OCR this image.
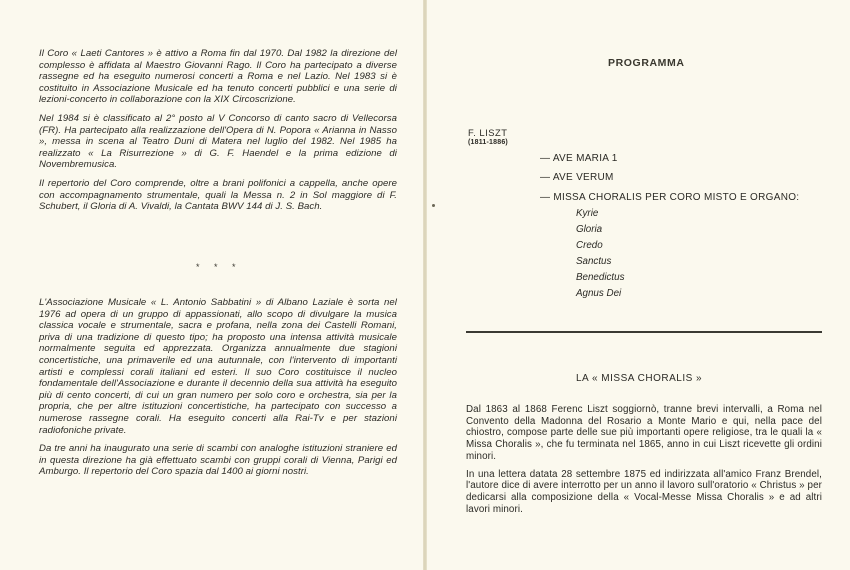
Il Coro « Laeti Cantores » è attivo a Roma fin dal 1970. Dal 1982 la direzione del complesso è affidata al Maestro Giovanni Rago. Il Coro ha partecipato a diverse rassegne ed ha eseguito numerosi concerti a Roma e nel Lazio. Nel 1983 si è costituito in Associazione Musicale ed ha tenuto concerti pubblici e una serie di lezioni-concerto in collaborazione con la XIX Circoscrizione.

Nel 1984 si è classificato al 2° posto al V Concorso di canto sacro di Vellecorsa (FR). Ha partecipato alla realizzazione dell'Opera di N. Popora « Arianna in Nasso », messa in scena al Teatro Duni di Matera nel luglio del 1982. Nel 1985 ha realizzato « La Risurrezione » di G. F. Haendel e la prima edizione di Novembremusica.

Il repertorio del Coro comprende, oltre a brani polifonici a cappella, anche opere con accompagnamento strumentale, quali la Messa n. 2 in Sol maggiore di F. Schubert, il Gloria di A. Vivaldi, la Cantata BWV 144 di J. S. Bach.

* * *

L'Associazione Musicale « L. Antonio Sabbatini » di Albano Laziale è sorta nel 1976 ad opera di un gruppo di appassionati, allo scopo di divulgare la musica classica vocale e strumentale, sacra e profana, nella zona dei Castelli Romani, priva di una tradizione di questo tipo; ha proposto una intensa attività musicale normalmente seguita ed apprezzata. Organizza annualmente due stagioni concertistiche, una primaverile ed una autunnale, con l'intervento di importanti artisti e complessi corali italiani ed esteri. Il suo Coro costituisce il nucleo fondamentale dell'Associazione e durante il decennio della sua attività ha eseguito più di cento concerti, di cui un gran numero per solo coro e orchestra, sia per la propria, che per altre istituzioni concertistiche, ha partecipato con successo a numerose rassegne corali. Ha eseguito concerti alla Rai-Tv e per stazioni radiofoniche private.

Da tre anni ha inaugurato una serie di scambi con analoghe istituzioni straniere ed in questa direzione ha già effettuato scambi con gruppi corali di Vienna, Parigi ed Amburgo. Il repertorio del Coro spazia dal 1400 ai giorni nostri.

PROGRAMMA
F. LISZT
(1811-1886)
— AVE MARIA 1
— AVE VERUM
— MISSA CHORALIS PER CORO MISTO E ORGANO:
Kyrie
Gloria
Credo
Sanctus
Benedictus
Agnus Dei
LA « MISSA CHORALIS »

Dal 1863 al 1868 Ferenc Liszt soggiornò, tranne brevi intervalli, a Roma nel Convento della Madonna del Rosario a Monte Mario e qui, nella pace del chiostro, compose parte delle sue più importanti opere religiose, tra le quali la « Missa Choralis », che fu terminata nel 1865, anno in cui Liszt ricevette gli ordini minori.

In una lettera datata 28 settembre 1875 ed indirizzata all'amico Franz Brendel, l'autore dice di avere interrotto per un anno il lavoro sull'oratorio « Christus » per dedicarsi alla composizione della « Vocal-Messe Missa Choralis » e ad altri lavori minori.
